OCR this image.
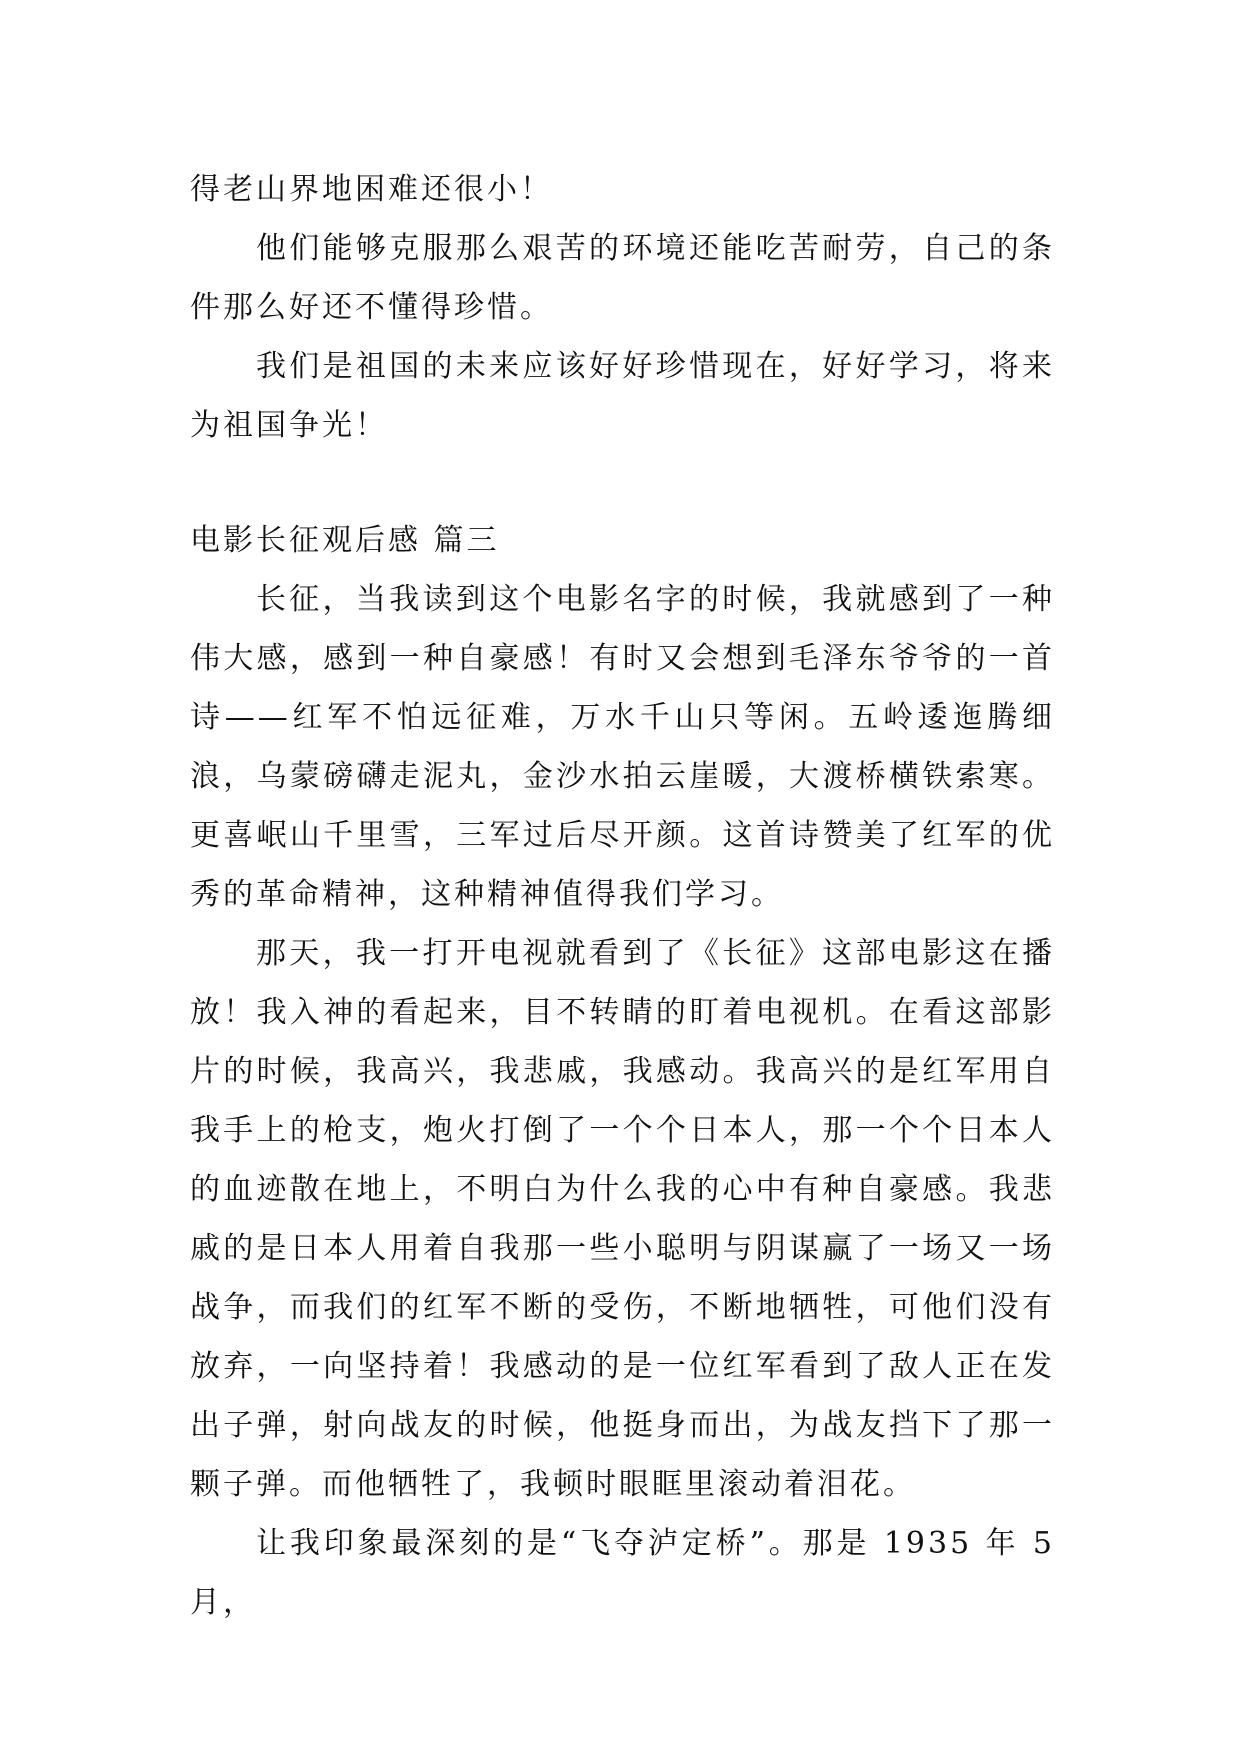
得老山界地困难还很小！

他们能够克服那么艰苦的环境还能吃苦耐劳，自己的条件那么好还不懂得珍惜。

我们是祖国的未来应该好好珍惜现在，好好学习，将来为祖国争光！

电影长征观后感 篇三

长征，当我读到这个电影名字的时候，我就感到了一种伟大感，感到一种自豪感！有时又会想到毛泽东爷爷的一首诗——红军不怕远征难，万水千山只等闲。五岭逶迤腾细浪，乌蒙磅礴走泥丸，金沙水拍云崖暖，大渡桥横铁索寒。更喜岷山千里雪，三军过后尽开颜。这首诗赞美了红军的优秀的革命精神，这种精神值得我们学习。

那天，我一打开电视就看到了《长征》这部电影这在播放！我入神的看起来，目不转睛的盯着电视机。在看这部影片的时候，我高兴，我悲戚，我感动。我高兴的是红军用自我手上的枪支，炮火打倒了一个个日本人，那一个个日本人的血迹散在地上，不明白为什么我的心中有种自豪感。我悲戚的是日本人用着自我那一些小聪明与阴谋赢了一场又一场战争，而我们的红军不断的受伤，不断地牺牲，可他们没有放弃，一向坚持着！我感动的是一位红军看到了敌人正在发出子弹，射向战友的时候，他挺身而出，为战友挡下了那一颗子弹。而他牺牲了，我顿时眼眶里滚动着泪花。

让我印象最深刻的是“飞夺泸定桥”。那是 1935 年 5 月，
